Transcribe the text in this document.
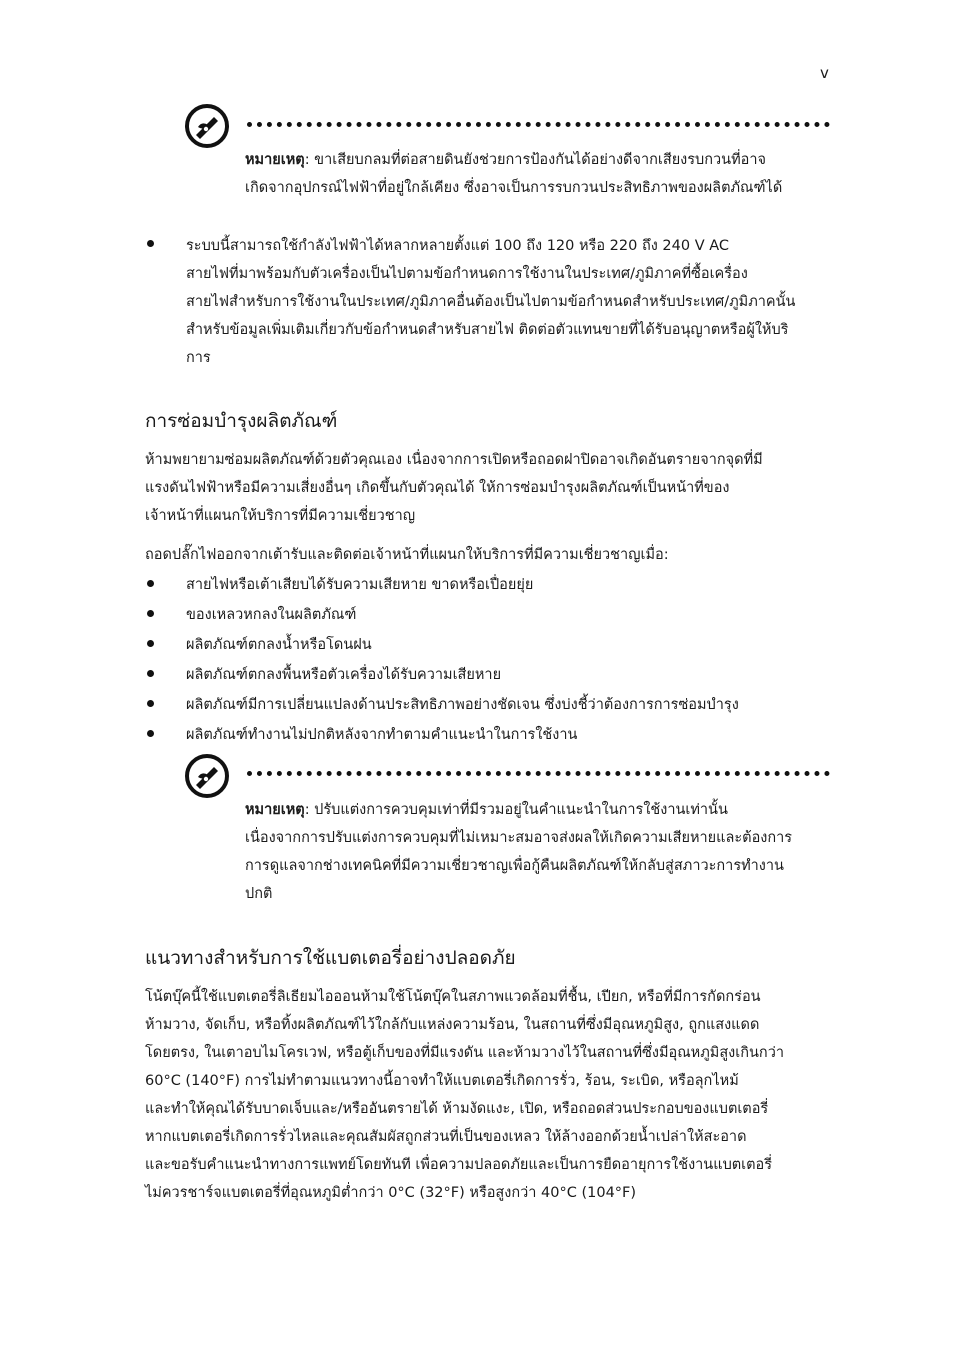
v
หมายเหตุ: ขาเสียบกลมที่ต่อสายดินยังช่วยการป้องกันได้อย่างดีจากเสียงรบกวนที่อาจ
เกิดจากอุปกรณ์ไฟฟ้าที่อยู่ใกล้เคียง ซึ่งอาจเป็นการรบกวนประสิทธิภาพของผลิตภัณฑ์ได้
ระบบนี้สามารถใช้กำลังไฟฟ้าได้หลากหลายตั้งแต่ 100 ถึง 120 หรือ 220 ถึง 240 V AC
สายไฟที่มาพร้อมกับตัวเครื่องเป็นไปตามข้อกำหนดการใช้งานในประเทศ/ภูมิภาคที่ซื้อเครื่อง
สายไฟสำหรับการใช้งานในประเทศ/ภูมิภาคอื่นต้องเป็นไปตามข้อกำหนดสำหรับประเทศ/ภูมิภาคนั้น
สำหรับข้อมูลเพิ่มเติมเกี่ยวกับข้อกำหนดสำหรับสายไฟ ติดต่อตัวแทนขายที่ได้รับอนุญาตหรือผู้ให้บริ
การ
การซ่อมบำรุงผลิตภัณฑ์
ห้ามพยายามซ่อมผลิตภัณฑ์ด้วยตัวคุณเอง เนื่องจากการเปิดหรือถอดฝาปิดอาจเกิดอันตรายจากจุดที่มี
แรงดันไฟฟ้าหรือมีความเสี่ยงอื่นๆ เกิดขึ้นกับตัวคุณได้ ให้การซ่อมบำรุงผลิตภัณฑ์เป็นหน้าที่ของ
เจ้าหน้าที่แผนกให้บริการที่มีความเชี่ยวชาญ
ถอดปลั๊กไฟออกจากเต้ารับและติดต่อเจ้าหน้าที่แผนกให้บริการที่มีความเชี่ยวชาญเมื่อ:
สายไฟหรือเต้าเสียบได้รับความเสียหาย ขาดหรือเปื่อยยุ่ย
ของเหลวหกลงในผลิตภัณฑ์
ผลิตภัณฑ์ตกลงน้ำหรือโดนฝน
ผลิตภัณฑ์ตกลงพื้นหรือตัวเครื่องได้รับความเสียหาย
ผลิตภัณฑ์มีการเปลี่ยนแปลงด้านประสิทธิภาพอย่างชัดเจน ซึ่งบ่งชี้ว่าต้องการการซ่อมบำรุง
ผลิตภัณฑ์ทำงานไม่ปกติหลังจากทำตามคำแนะนำในการใช้งาน
หมายเหตุ: ปรับแต่งการควบคุมเท่าที่มีรวมอยู่ในคำแนะนำในการใช้งานเท่านั้น
เนื่องจากการปรับแต่งการควบคุมที่ไม่เหมาะสมอาจส่งผลให้เกิดความเสียหายและต้องการ
การดูแลจากช่างเทคนิคที่มีความเชี่ยวชาญเพื่อกู้คืนผลิตภัณฑ์ให้กลับสู่สภาวะการทำงาน
ปกติ
แนวทางสำหรับการใช้แบตเตอรี่อย่างปลอดภัย
โน้ตบุ๊คนี้ใช้แบตเตอรี่ลิเธียมไอออนห้ามใช้โน้ตบุ๊คในสภาพแวดล้อมที่ชื้น, เปียก, หรือที่มีการกัดกร่อน
ห้ามวาง, จัดเก็บ, หรือทิ้งผลิตภัณฑ์ไว้ใกล้กับแหล่งความร้อน, ในสถานที่ซึ่งมีอุณหภูมิสูง, ถูกแสงแดด
โดยตรง, ในเตาอบไมโครเวฟ, หรือตู้เก็บของที่มีแรงดัน และห้ามวางไว้ในสถานที่ซึ่งมีอุณหภูมิสูงเกินกว่า
60°C (140°F) การไม่ทำตามแนวทางนี้อาจทำให้แบตเตอรี่เกิดการรั่ว, ร้อน, ระเบิด, หรือลุกไหม้
และทำให้คุณได้รับบาดเจ็บและ/หรืออันตรายได้ ห้ามงัดแงะ, เปิด, หรือถอดส่วนประกอบของแบตเตอรี่
หากแบตเตอรี่เกิดการรั่วไหลและคุณสัมผัสถูกส่วนที่เป็นของเหลว ให้ล้างออกด้วยน้ำเปล่าให้สะอาด
และขอรับคำแนะนำทางการแพทย์โดยทันที เพื่อความปลอดภัยและเป็นการยืดอายุการใช้งานแบตเตอรี่
ไม่ควรชาร์จแบตเตอรี่ที่อุณหภูมิต่ำกว่า 0°C (32°F) หรือสูงกว่า 40°C (104°F)
